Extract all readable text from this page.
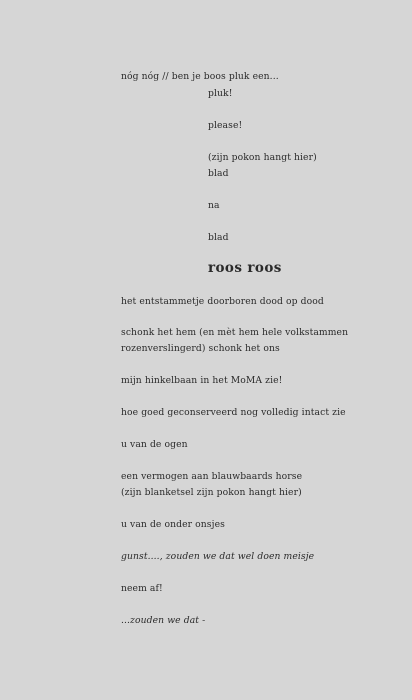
nóg nóg // ben je boos pluk een...
pluk!
please!
(zijn pokon hangt hier)
blad
na
blad
roos roos
het entstammetje doorboren dood op dood
schonk het hem (en mèt hem hele volkstammen
rozenverslingerd) schonk het ons
mijn hinkelbaan in het MoMA zie!
hoe goed geconserveerd nog volledig intact zie
u van de ogen
een vermogen aan blauwbaards horse
(zijn blanketsel zijn pokon hangt hier)
u van de onder onsjes
gunst...., zouden we dat wel doen meisje
neem af!
...zouden we dat -
